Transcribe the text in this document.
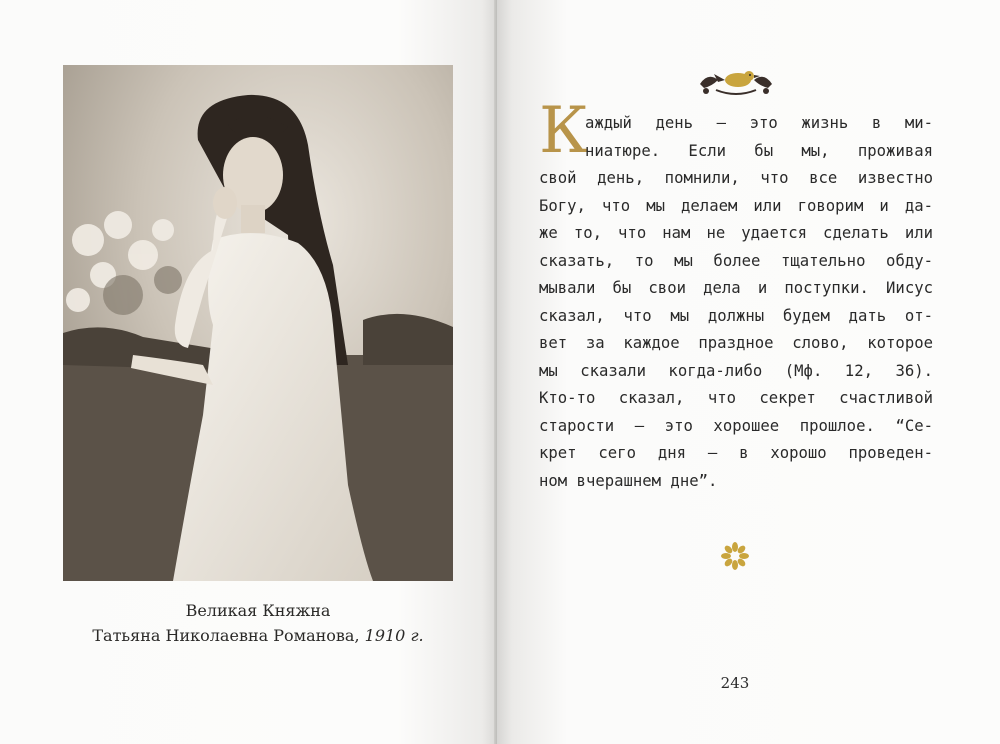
Великая Княжна
Татьяна Николаевна Романова, 1910 г.
К
аждый день — это жизнь в ми-
ниатюре. Если бы мы, проживая
свой день, помнили, что все известно
Богу, что мы делаем или говорим и да-
же то, что нам не удается сделать или
сказать, то мы более тщательно обду-
мывали бы свои дела и поступки. Иисус
сказал, что мы должны будем дать от-
вет за каждое праздное слово, которое
мы сказали когда-либо (Мф. 12, 36).
Кто-то сказал, что секрет счастливой
старости — это хорошее прошлое. “Се-
крет сего дня — в хорошо проведен-
ном вчерашнем дне”.
243
